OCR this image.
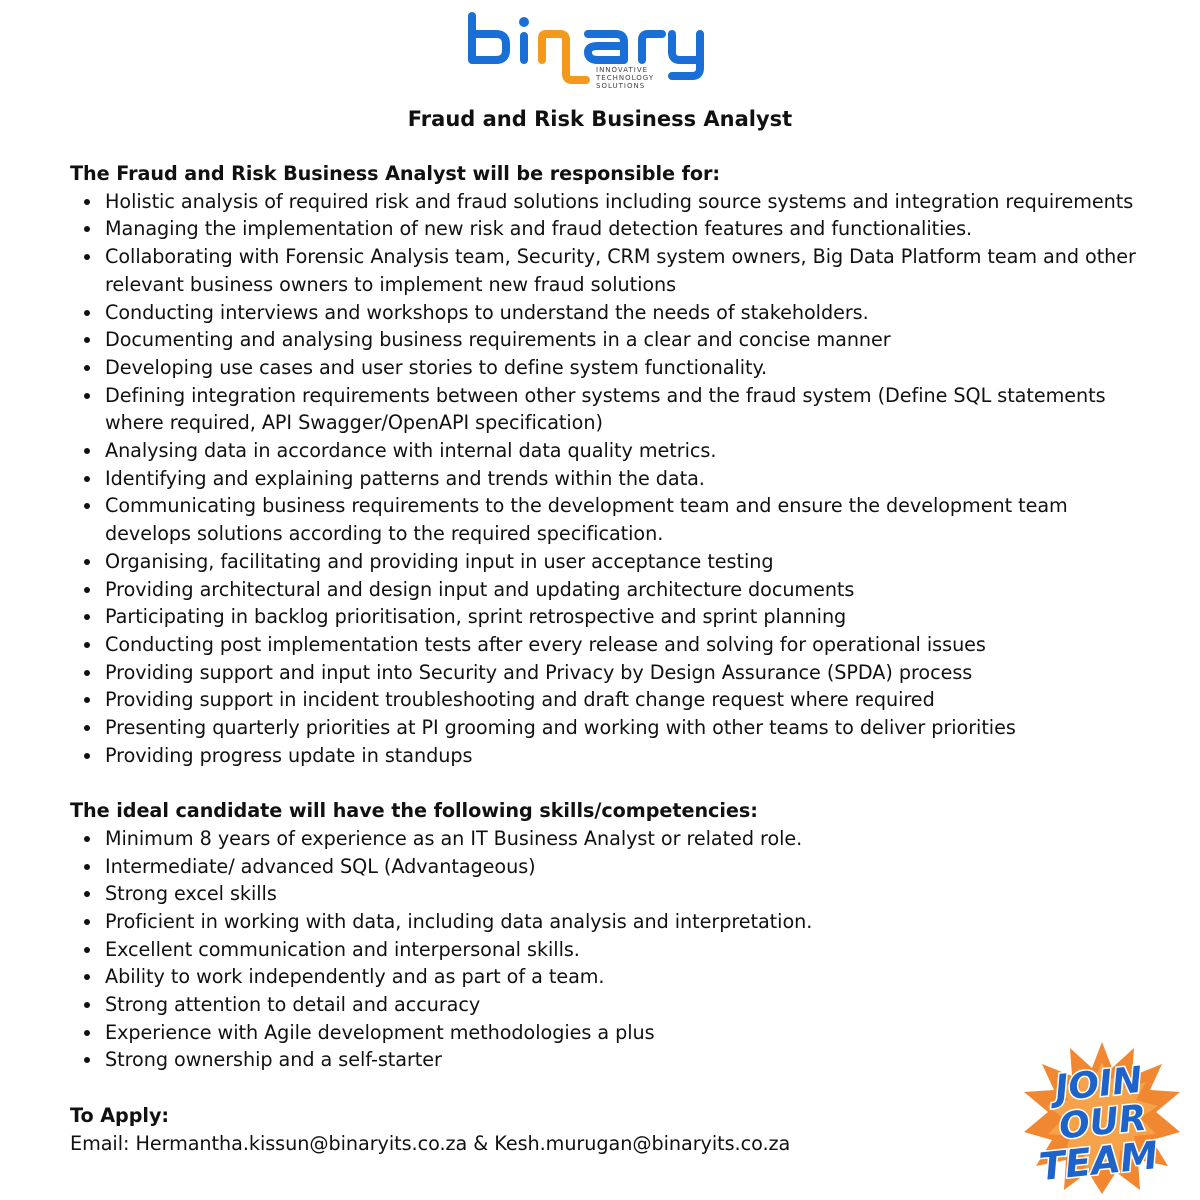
INNOVATIVE
TECHNOLOGY
SOLUTIONS
Fraud and Risk Business Analyst

The Fraud and Risk Business Analyst will be responsible for:

Holistic analysis of required risk and fraud solutions including source systems and integration requirements
Managing the implementation of new risk and fraud detection features and functionalities.
Collaborating with Forensic Analysis team, Security, CRM system owners, Big Data Platform team and other relevant business owners to implement new fraud solutions
Conducting interviews and workshops to understand the needs of stakeholders.
Documenting and analysing business requirements in a clear and concise manner
Developing use cases and user stories to define system functionality.
Defining integration requirements between other systems and the fraud system (Define SQL statements where required, API Swagger/OpenAPI specification)
Analysing data in accordance with internal data quality metrics.
Identifying and explaining patterns and trends within the data.
Communicating business requirements to the development team and ensure the development team develops solutions according to the required specification.
Organising, facilitating and providing input in user acceptance testing
Providing architectural and design input and updating architecture documents
Participating in backlog prioritisation, sprint retrospective and sprint planning
Conducting post implementation tests after every release and solving for operational issues
Providing support and input into Security and Privacy by Design Assurance (SPDA) process
Providing support in incident troubleshooting and draft change request where required
Presenting quarterly priorities at PI grooming and working with other teams to deliver priorities
Providing progress update in standups

The ideal candidate will have the following skills/competencies:

Minimum 8 years of experience as an IT Business Analyst or related role.
Intermediate/ advanced SQL (Advantageous)
Strong excel skills
Proficient in working with data, including data analysis and interpretation.
Excellent communication and interpersonal skills.
Ability to work independently and as part of a team.
Strong attention to detail and accuracy
Experience with Agile development methodologies a plus
Strong ownership and a self-starter

To Apply:

Email: Hermantha.kissun@binaryits.co.za & Kesh.murugan@binaryits.co.za

JOIN
OUR
TEAM
